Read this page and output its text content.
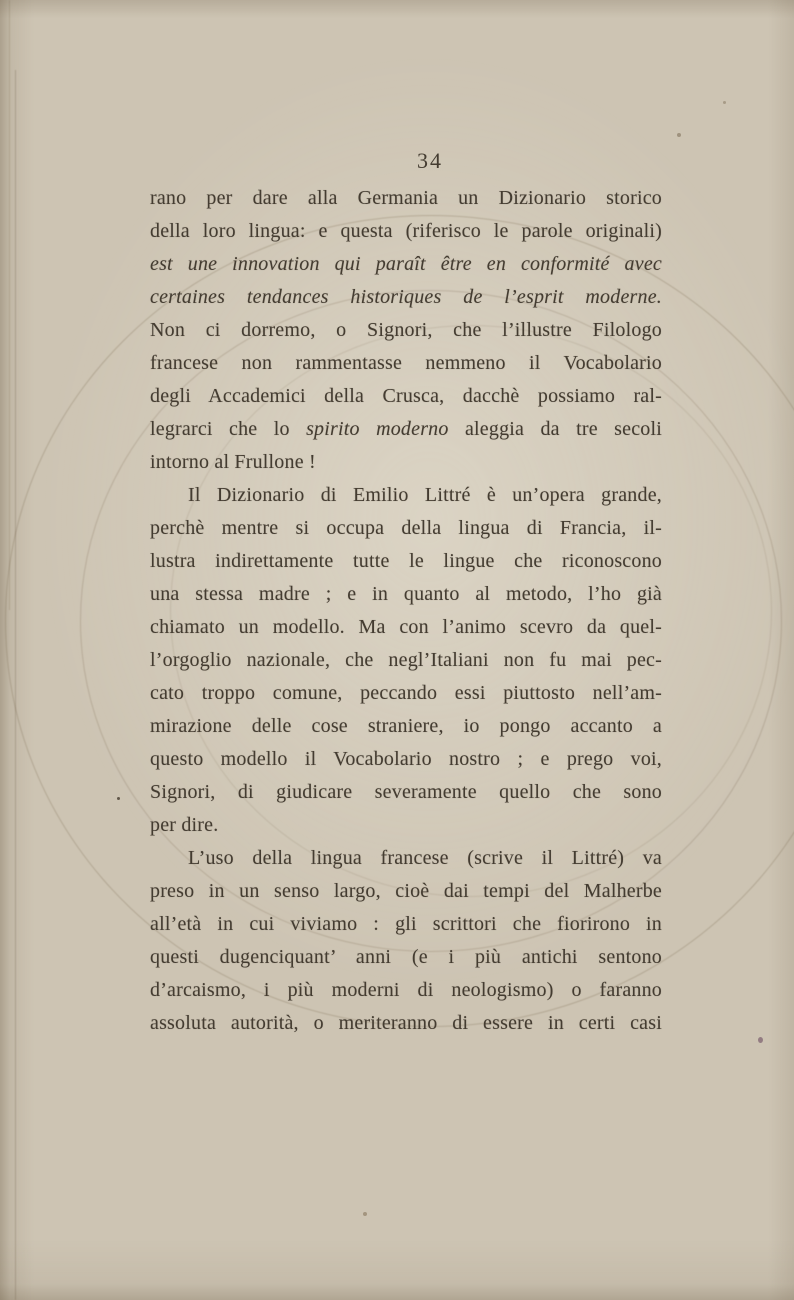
34
rano per dare alla Germania un Dizionario storico
della loro lingua: e questa (riferisco le parole originali)
est une innovation qui paraît être en conformité avec
certaines tendances historiques de l’esprit moderne.
Non ci dorremo, o Signori, che l’illustre Filologo
francese non rammentasse nemmeno il Vocabolario
degli Accademici della Crusca, dacchè possiamo ral-
legrarci che lo spirito moderno aleggia da tre secoli
intorno al Frullone !
Il Dizionario di Emilio Littré è un’opera grande,
perchè mentre si occupa della lingua di Francia, il-
lustra indirettamente tutte le lingue che riconoscono
una stessa madre ; e in quanto al metodo, l’ho già
chiamato un modello. Ma con l’animo scevro da quel-
l’orgoglio nazionale, che negl’Italiani non fu mai pec-
cato troppo comune, peccando essi piuttosto nell’am-
mirazione delle cose straniere, io pongo accanto a
questo modello il Vocabolario nostro ; e prego voi,
Signori, di giudicare severamente quello che sono
per dire.
L’uso della lingua francese (scrive il Littré) va
preso in un senso largo, cioè dai tempi del Malherbe
all’età in cui viviamo : gli scrittori che fiorirono in
questi dugenciquant’ anni (e i più antichi sentono
d’arcaismo, i più moderni di neologismo) o faranno
assoluta autorità, o meriteranno di essere in certi casi
